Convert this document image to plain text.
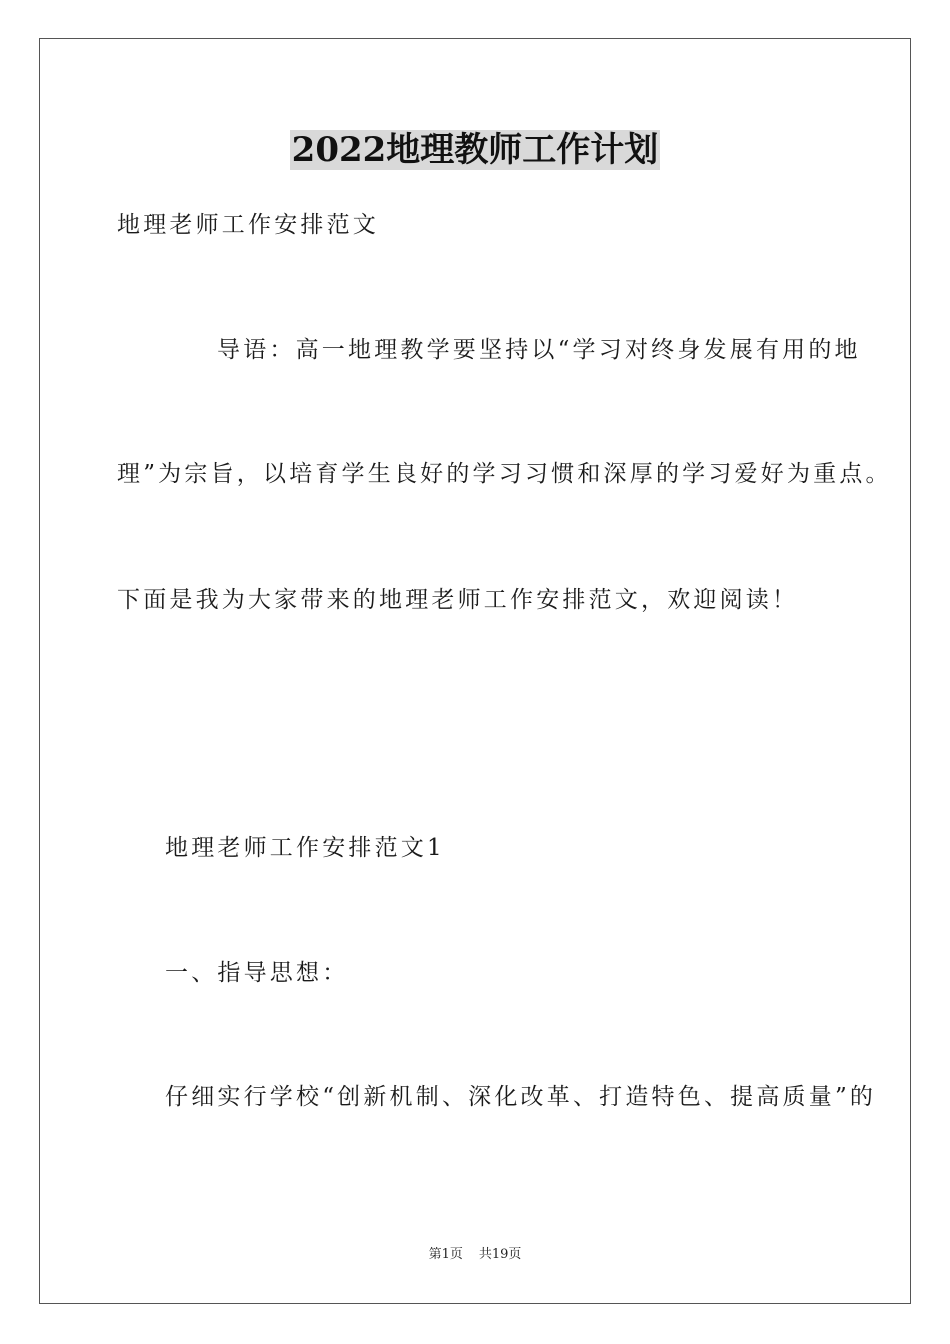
2022地理教师工作计划
地理老师工作安排范文
导语：高一地理教学要坚持以“学习对终身发展有用的地
理”为宗旨，以培育学生良好的学习习惯和深厚的学习爱好为重点。
下面是我为大家带来的地理老师工作安排范文，欢迎阅读！
地理老师工作安排范文1
一、指导思想：
仔细实行学校“创新机制、深化改革、打造特色、提高质量”的
第1页 共19页
